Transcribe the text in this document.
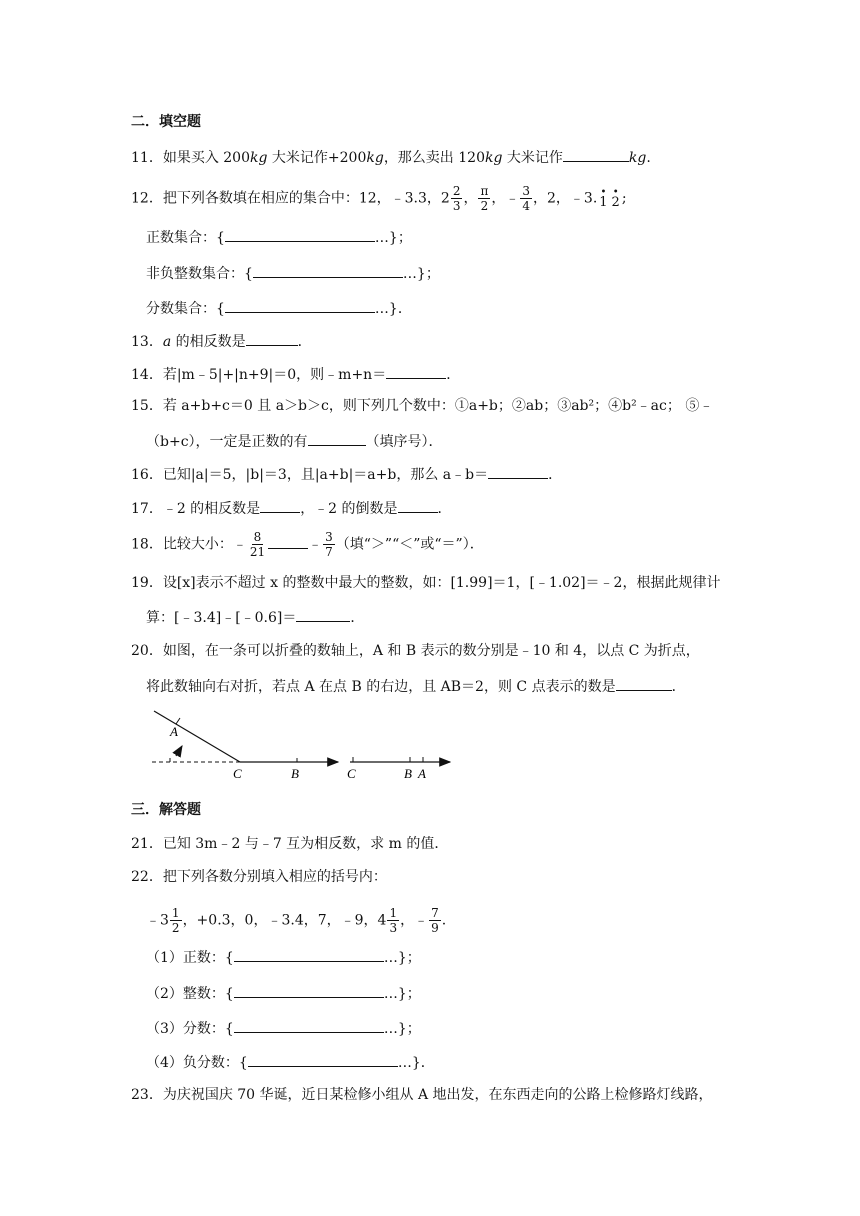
二．填空题
11．如果买入 200kg 大米记作+200kg，那么卖出 120kg 大米记作	kg.
12．把下列各数填在相应的集合中：12，﹣3.3，$2 \frac{2}{3}$ ， $\frac{\pi}{2}$ ，﹣ $\frac{3}{4}$ ，2，﹣3. •
1
•
2 ;
正数集合：{	…}；
非负整数集合：{	…}；
分数集合：{	…}．
13．a 的相反数是	．
14．若|m﹣5|+|n+9|＝0，则﹣m+n＝	．
15．若 a+b+c＝0 且 a＞b＞c，则下列几个数中：①a+b；②ab；③ab²；④b²﹣ac； ⑤﹣
（b+c），一定是正数的有	（填序号）．
16．已知|a|＝5，|b|＝3，且|a+b|＝a+b，那么 a﹣b＝	．
17．﹣2 的相反数是	，﹣2 的倒数是	．
18．比较大小：﹣ $\frac{8}{21}$	﹣ $\frac{3}{7}$ （填“＞”“＜”或“＝”）．
19．设[x]表示不超过 x 的整数中最大的整数，如：[1.99]＝1，[﹣1.02]＝﹣2，根据此规律计
算：[﹣3.4]﹣[﹣0.6]＝	．
20．如图，在一条可以折叠的数轴上，A 和 B 表示的数分别是﹣10 和 4，以点 C 为折点，
将此数轴向右对折，若点 A 在点 B 的右边，且 AB＝2，则 C 点表示的数是	．
A
C	B	C	B A
三．解答题
21．已知 3m﹣2 与﹣7 互为相反数，求 m 的值．
22．把下列各数分别填入相应的括号内：
﹣3 $\frac{1}{2}$ ，+0.3，0，﹣3.4，7，﹣9，$4 \frac{1}{3}$ ，﹣ $\frac{7}{9}$ .
（1）正数：{	…}；
（2）整数：{	…}；
（3）分数：{	…}；
（4）负分数：{	…}．
23．为庆祝国庆 70 华诞，近日某检修小组从 A 地出发，在东西走向的公路上检修路灯线路，
